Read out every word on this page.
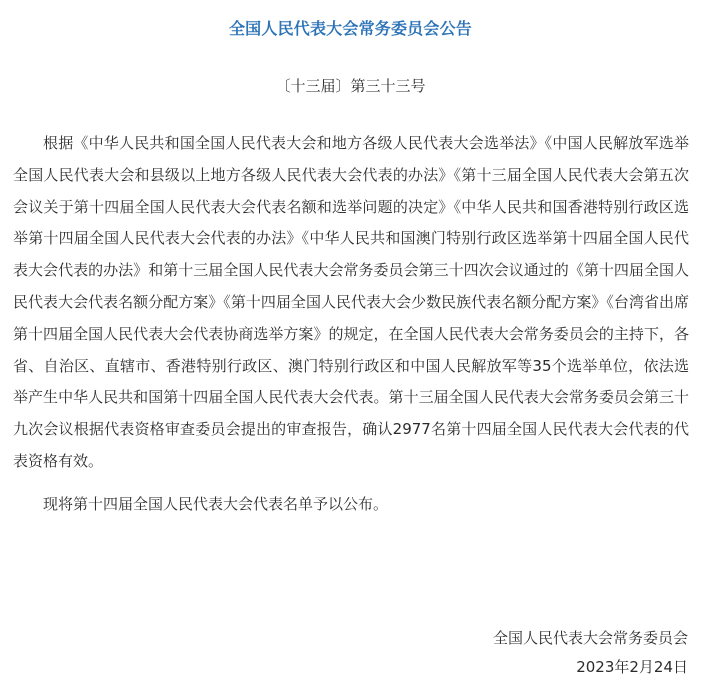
全国人民代表大会常务委员会公告
〔十三届〕第三十三号

根据《中华人民共和国全国人民代表大会和地方各级人民代表大会选举法》《中国人民解放军选举全国人民代表大会和县级以上地方各级人民代表大会代表的办法》《第十三届全国人民代表大会第五次会议关于第十四届全国人民代表大会代表名额和选举问题的决定》《中华人民共和国香港特别行政区选举第十四届全国人民代表大会代表的办法》《中华人民共和国澳门特别行政区选举第十四届全国人民代表大会代表的办法》和第十三届全国人民代表大会常务委员会第三十四次会议通过的《第十四届全国人民代表大会代表名额分配方案》《第十四届全国人民代表大会少数民族代表名额分配方案》《台湾省出席第十四届全国人民代表大会代表协商选举方案》的规定，在全国人民代表大会常务委员会的主持下，各省、自治区、直辖市、香港特别行政区、澳门特别行政区和中国人民解放军等35个选举单位，依法选举产生中华人民共和国第十四届全国人民代表大会代表。第十三届全国人民代表大会常务委员会第三十九次会议根据代表资格审查委员会提出的审查报告，确认2977名第十四届全国人民代表大会代表的代表资格有效。

现将第十四届全国人民代表大会代表名单予以公布。

全国人民代表大会常务委员会
2023年2月24日
